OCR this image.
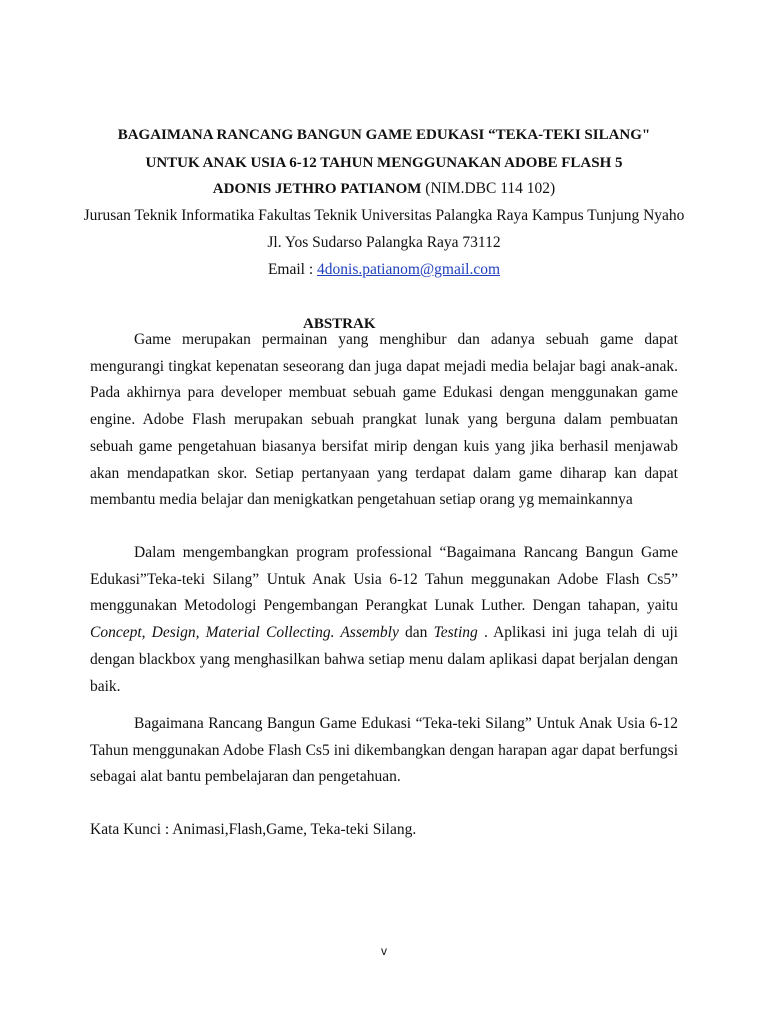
BAGAIMANA RANCANG BANGUN GAME EDUKASI “TEKA-TEKI SILANG"
UNTUK ANAK USIA 6-12 TAHUN MENGGUNAKAN ADOBE FLASH 5
ADONIS JETHRO PATIANOM (NIM.DBC 114 102)
Jurusan Teknik Informatika Fakultas Teknik Universitas Palangka Raya Kampus Tunjung Nyaho
Jl. Yos Sudarso Palangka Raya 73112
Email : 4donis.patianom@gmail.com
ABSTRAK

Game merupakan permainan yang menghibur dan adanya sebuah game dapat mengurangi tingkat kepenatan seseorang dan juga dapat mejadi media belajar bagi anak-anak. Pada akhirnya para developer membuat sebuah game Edukasi dengan menggunakan game engine. Adobe Flash merupakan sebuah prangkat lunak yang berguna dalam pembuatan sebuah game pengetahuan biasanya bersifat mirip dengan kuis yang jika berhasil menjawab akan mendapatkan skor. Setiap pertanyaan yang terdapat dalam game diharap kan dapat membantu media belajar dan menigkatkan pengetahuan setiap orang yg memainkannya

Dalam mengembangkan program professional “Bagaimana Rancang Bangun Game Edukasi”Teka-teki Silang” Untuk Anak Usia 6-12 Tahun meggunakan Adobe Flash Cs5” menggunakan Metodologi Pengembangan Perangkat Lunak Luther. Dengan tahapan, yaitu Concept, Design, Material Collecting. Assembly dan Testing . Aplikasi ini juga telah di uji dengan blackbox yang menghasilkan bahwa setiap menu dalam aplikasi dapat berjalan dengan baik.

Bagaimana Rancang Bangun Game Edukasi “Teka-teki Silang” Untuk Anak Usia 6-12 Tahun menggunakan Adobe Flash Cs5 ini dikembangkan dengan harapan agar dapat berfungsi sebagai alat bantu pembelajaran dan pengetahuan.

Kata Kunci : Animasi,Flash,Game, Teka-teki Silang.

v
